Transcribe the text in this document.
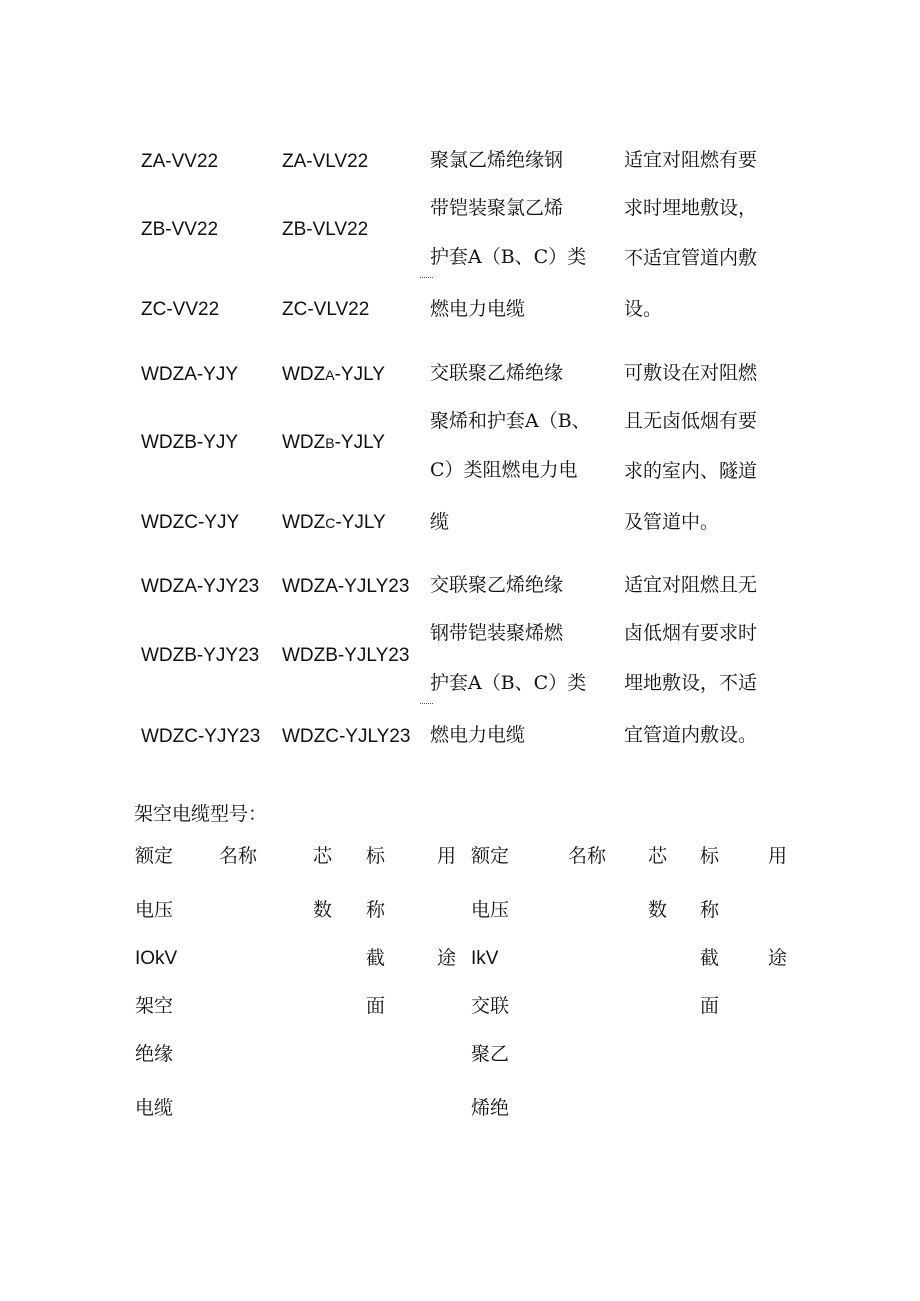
ZA-VV22
ZB-VV22
ZC-VV22
ZA-VLV22
ZB-VLV22
ZC-VLV22
聚氯乙烯绝缘钢
带铠装聚氯乙烯
护套A（B、C）类
燃电力电缆
适宜对阻燃有要
求时埋地敷设，
不适宜管道内敷
设。
WDZA-YJY
WDZB-YJY
WDZC-YJY
WDZA-YJLY
WDZB-YJLY
WDZC-YJLY
交联聚乙烯绝缘
聚烯和护套A（B、
C）类阻燃电力电
缆
可敷设在对阻燃
且无卤低烟有要
求的室内、隧道
及管道中。
WDZA-YJY23
WDZB-YJY23
WDZC-YJY23
WDZA-YJLY23
WDZB-YJLY23
WDZC-YJLY23
交联聚乙烯绝缘
钢带铠装聚烯燃
护套A（B、C）类
燃电力电缆
适宜对阻燃且无
卤低烟有要求时
埋地敷设，不适
宜管道内敷设。
架空电缆型号：
额定
电压
IOkV
架空
绝缘
电缆
名称	芯
数
标
称
截
面
用
途
额定
电压
IkV
交联
聚乙
烯绝
名称 芯
数
标
称
截
面
用
途
